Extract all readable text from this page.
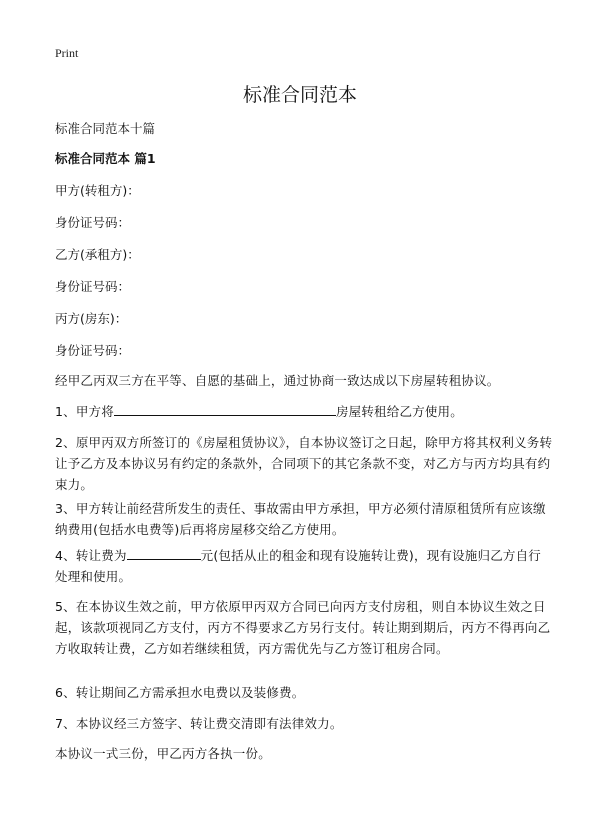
Print
标准合同范本

标准合同范本十篇

标准合同范本 篇1

甲方(转租方)：

身份证号码：

乙方(承租方)：

身份证号码：

丙方(房东)：

身份证号码：

经甲乙丙双三方在平等、自愿的基础上，通过协商一致达成以下房屋转租协议。

1、甲方将	房屋转租给乙方使用。

2、原甲丙双方所签订的《房屋租赁协议》，自本协议签订之日起，除甲方将其权利义务转让予乙方及本协议另有约定的条款外，合同项下的其它条款不变，对乙方与丙方均具有约束力。

3、甲方转让前经营所发生的责任、事故需由甲方承担，甲方必须付清原租赁所有应该缴纳费用(包括水电费等)后再将房屋移交给乙方使用。

4、转让费为	元(包括从止的租金和现有设施转让费)，现有设施归乙方自行处理和使用。

5、在本协议生效之前，甲方依原甲丙双方合同已向丙方支付房租，则自本协议生效之日起，该款项视同乙方支付，丙方不得要求乙方另行支付。转让期到期后，丙方不得再向乙方收取转让费，乙方如若继续租赁，丙方需优先与乙方签订租房合同。

6、转让期间乙方需承担水电费以及装修费。

7、本协议经三方签字、转让费交清即有法律效力。

本协议一式三份，甲乙丙方各执一份。
